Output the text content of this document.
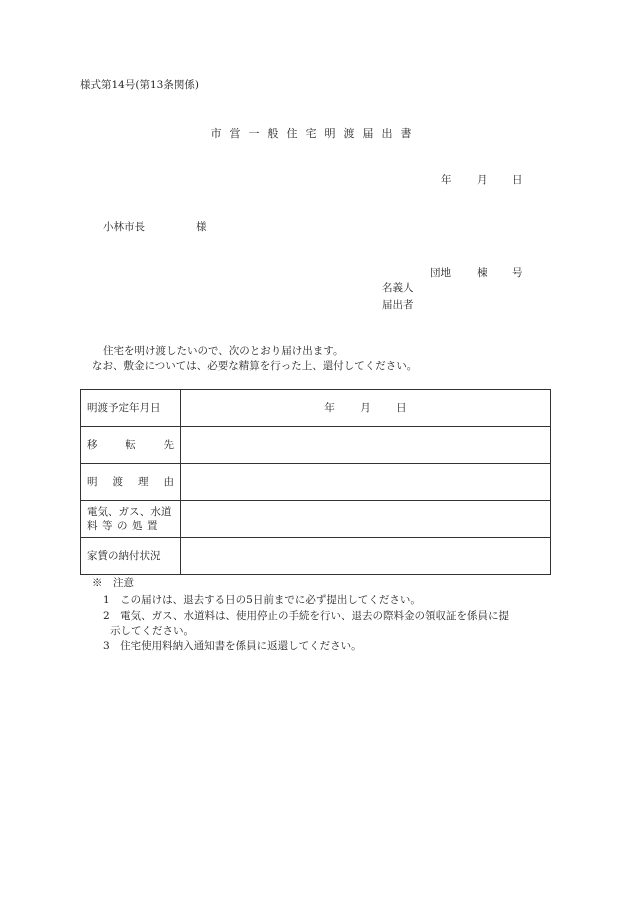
様式第14号(第13条関係)
市営一般住宅明渡届出書
年 月 日
小林市長	様
団地 棟 号
名義人
届出者
住宅を明け渡したいので、次のとおり届け出ます。
なお、敷金については、必要な精算を行った上、還付してください。
明渡予定年月日	年 月 日

移 転 先	

明 渡 理 由	

電気、ガス、水道
料等の処置	

家賃の納付状況	
※　注意
1　この届けは、退去する日の5日前までに必ず提出してください。
2　電気、ガス、水道料は、使用停止の手続を行い、退去の際料金の領収証を係員に提
示してください。
3　住宅使用料納入通知書を係員に返還してください。
